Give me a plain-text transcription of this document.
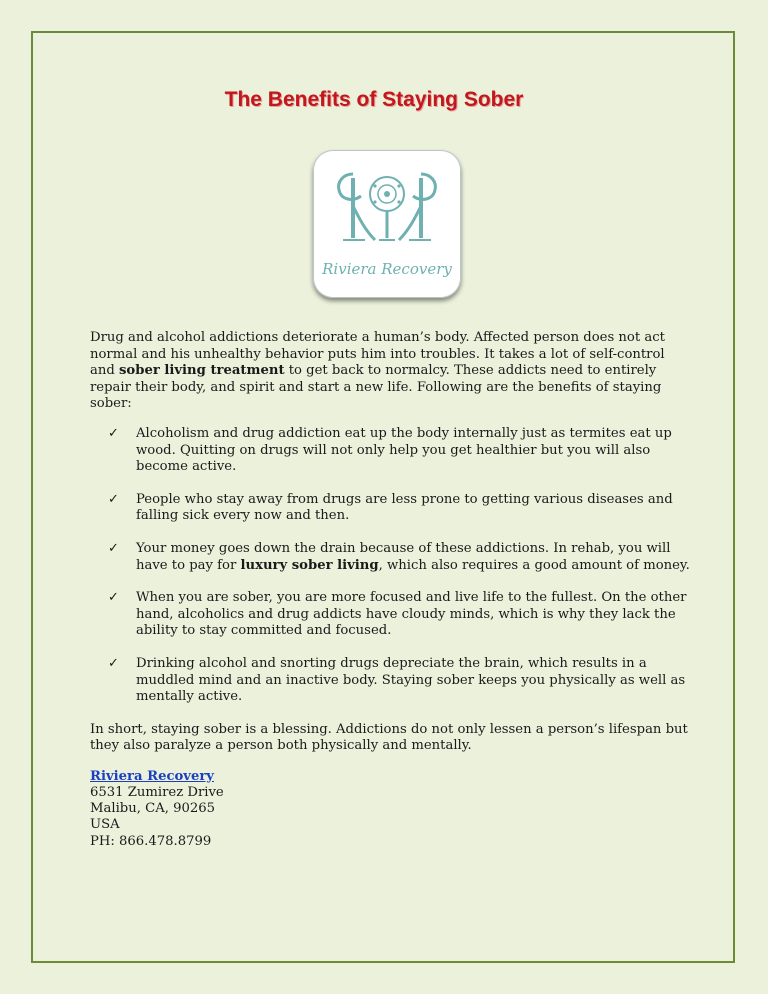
The Benefits of Staying Sober
Riviera Recovery

Drug and alcohol addictions deteriorate a human’s body. Affected person does not act normal and his unhealthy behavior puts him into troubles. It takes a lot of self-control and sober living treatment to get back to normalcy. These addicts need to entirely repair their body, and spirit and start a new life. Following are the benefits of staying sober:

✓ Alcoholism and drug addiction eat up the body internally just as termites eat up wood. Quitting on drugs will not only help you get healthier but you will also become active.
✓ People who stay away from drugs are less prone to getting various diseases and falling sick every now and then.
✓ Your money goes down the drain because of these addictions. In rehab, you will have to pay for luxury sober living, which also requires a good amount of money.
✓ When you are sober, you are more focused and live life to the fullest. On the other hand, alcoholics and drug addicts have cloudy minds, which is why they lack the ability to stay committed and focused.
✓ Drinking alcohol and snorting drugs depreciate the brain, which results in a muddled mind and an inactive body. Staying sober keeps you physically as well as mentally active.

In short, staying sober is a blessing. Addictions do not only lessen a person’s lifespan but they also paralyze a person both physically and mentally.

Riviera Recovery
6531 Zumirez Drive
Malibu, CA, 90265
USA
PH: 866.478.8799
